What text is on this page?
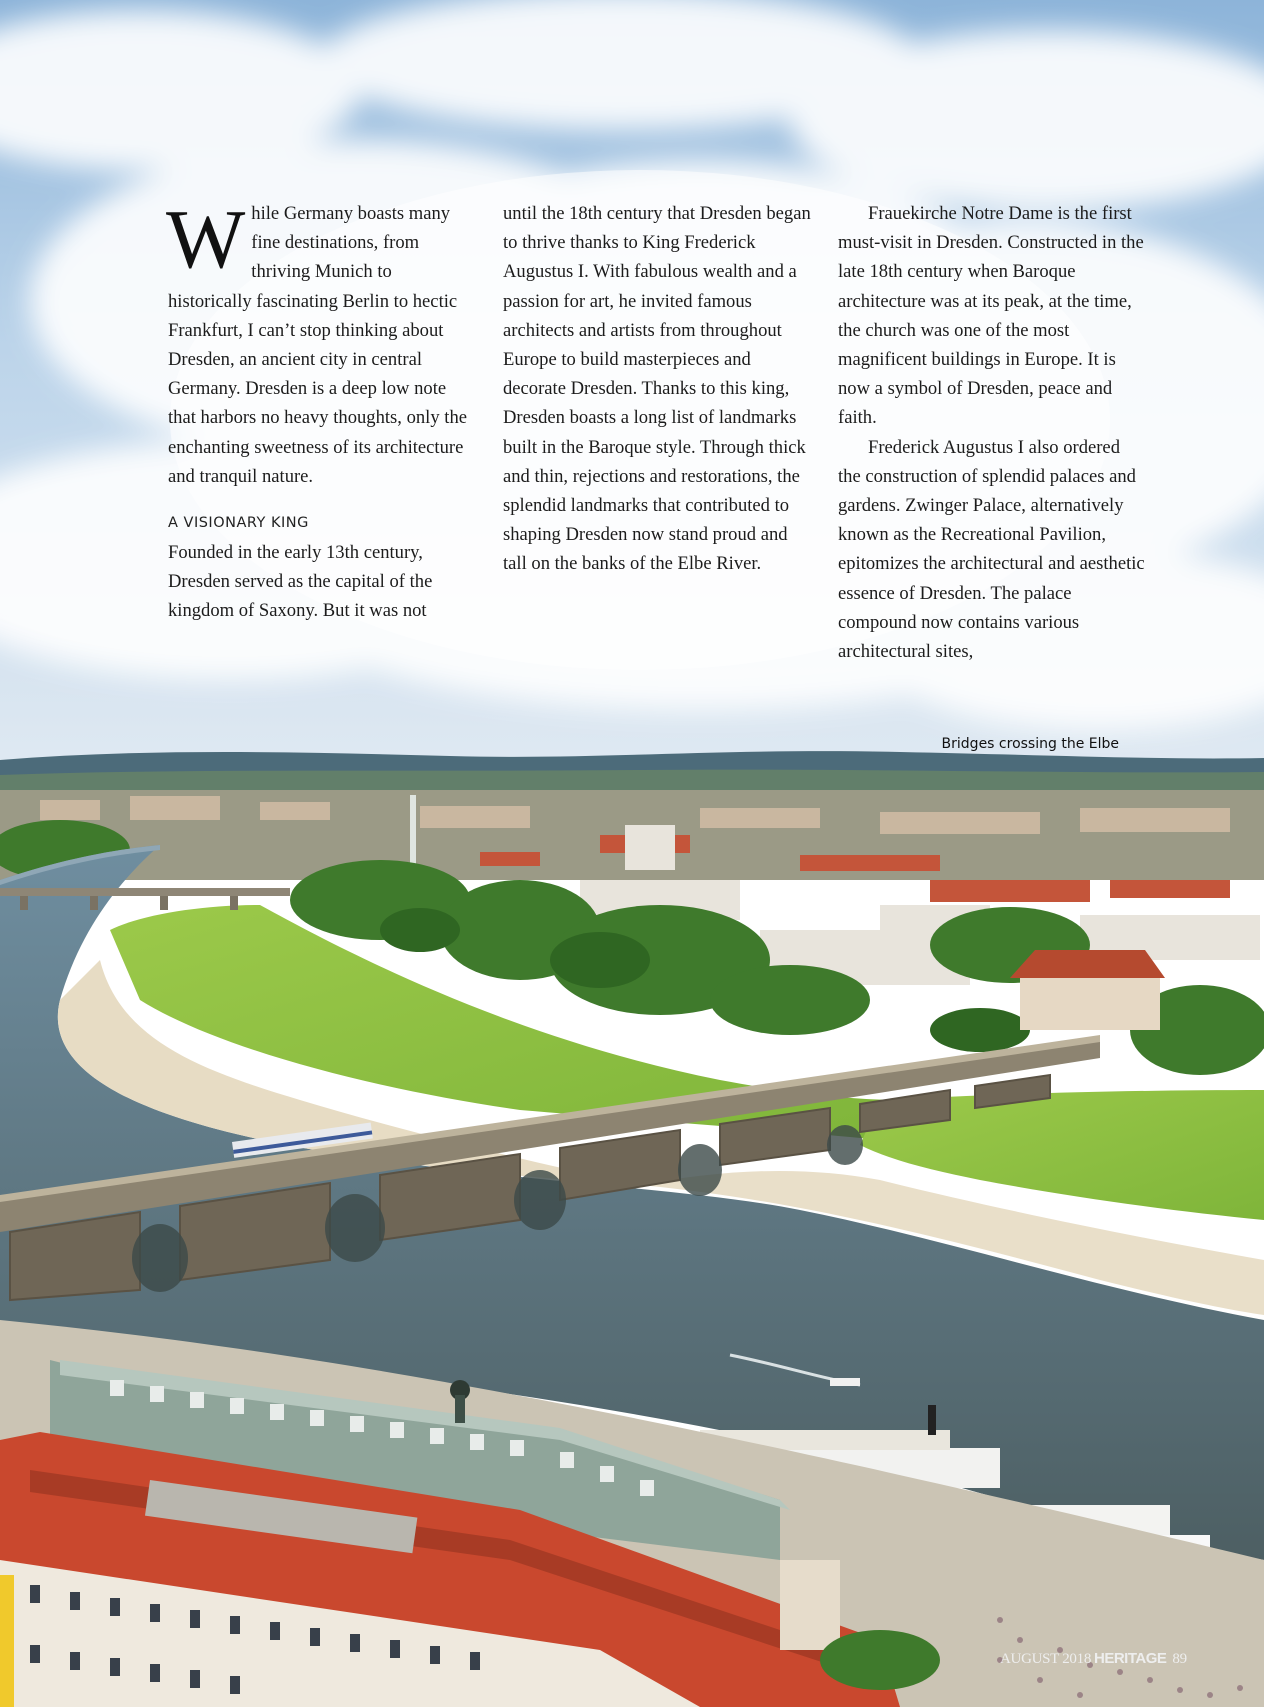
W hile Germany boasts many fine destinations, from thriving Munich to historically fascinating Berlin to hectic Frankfurt, I can’t stop thinking about Dresden, an ancient city in central Germany. Dresden is a deep low note that harbors no heavy thoughts, only the enchanting sweetness of its architecture and tranquil nature.

A VISIONARY KING

Founded in the early 13th century, Dresden served as the capital of the kingdom of Saxony. But it was not

until the 18th century that Dresden began to thrive thanks to King Frederick Augustus I. With fabulous wealth and a passion for art, he invited famous architects and artists from throughout Europe to build masterpieces and decorate Dresden. Thanks to this king, Dresden boasts a long list of landmarks built in the Baroque style. Through thick and thin, rejections and restorations, the splendid landmarks that contributed to shaping Dresden now stand proud and tall on the banks of the Elbe River.

Frauekirche Notre Dame is the first must-visit in Dresden. Constructed in the late 18th century when Baroque architecture was at its peak, at the time, the church was one of the most magnificent buildings in Europe. It is now a symbol of Dresden, peace and faith.

Frederick Augustus I also ordered the construction of splendid palaces and gardens. Zwinger Palace, alternatively known as the Recreational Pavilion, epitomizes the architectural and aesthetic essence of Dresden. The palace compound now contains various architectural sites,

Bridges crossing the Elbe
AUGUST 2018 HERITAGE 89
